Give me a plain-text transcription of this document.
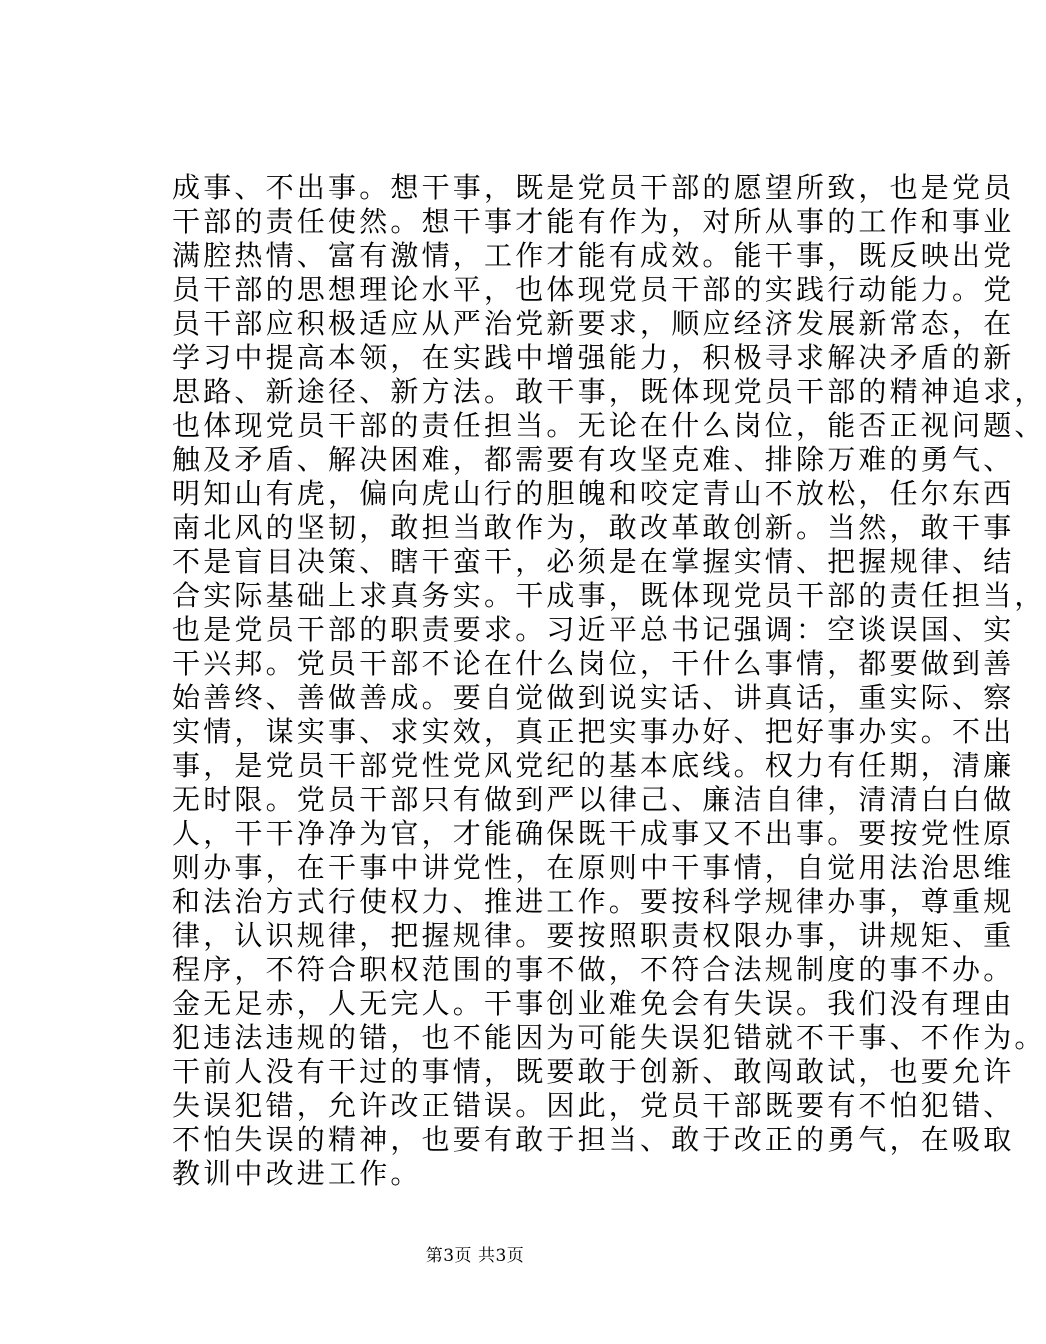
成事、不出事。想干事，既是党员干部的愿望所致，也是党员
干部的责任使然。想干事才能有作为，对所从事的工作和事业
满腔热情、富有激情，工作才能有成效。能干事，既反映出党
员干部的思想理论水平，也体现党员干部的实践行动能力。党
员干部应积极适应从严治党新要求，顺应经济发展新常态，在
学习中提高本领，在实践中增强能力，积极寻求解决矛盾的新
思路、新途径、新方法。敢干事，既体现党员干部的精神追求，
也体现党员干部的责任担当。无论在什么岗位，能否正视问题、
触及矛盾、解决困难，都需要有攻坚克难、排除万难的勇气、
明知山有虎，偏向虎山行的胆魄和咬定青山不放松，任尔东西
南北风的坚韧，敢担当敢作为，敢改革敢创新。当然，敢干事
不是盲目决策、瞎干蛮干，必须是在掌握实情、把握规律、结
合实际基础上求真务实。干成事，既体现党员干部的责任担当，
也是党员干部的职责要求。习近平总书记强调：空谈误国、实
干兴邦。党员干部不论在什么岗位，干什么事情，都要做到善
始善终、善做善成。要自觉做到说实话、讲真话，重实际、察
实情，谋实事、求实效，真正把实事办好、把好事办实。不出
事，是党员干部党性党风党纪的基本底线。权力有任期，清廉
无时限。党员干部只有做到严以律己、廉洁自律，清清白白做
人，干干净净为官，才能确保既干成事又不出事。要按党性原
则办事，在干事中讲党性，在原则中干事情，自觉用法治思维
和法治方式行使权力、推进工作。要按科学规律办事，尊重规
律，认识规律，把握规律。要按照职责权限办事，讲规矩、重
程序，不符合职权范围的事不做，不符合法规制度的事不办。
金无足赤，人无完人。干事创业难免会有失误。我们没有理由
犯违法违规的错，也不能因为可能失误犯错就不干事、不作为。
干前人没有干过的事情，既要敢于创新、敢闯敢试，也要允许
失误犯错，允许改正错误。因此，党员干部既要有不怕犯错、
不怕失误的精神，也要有敢于担当、敢于改正的勇气，在吸取
教训中改进工作。
第3页 共3页
